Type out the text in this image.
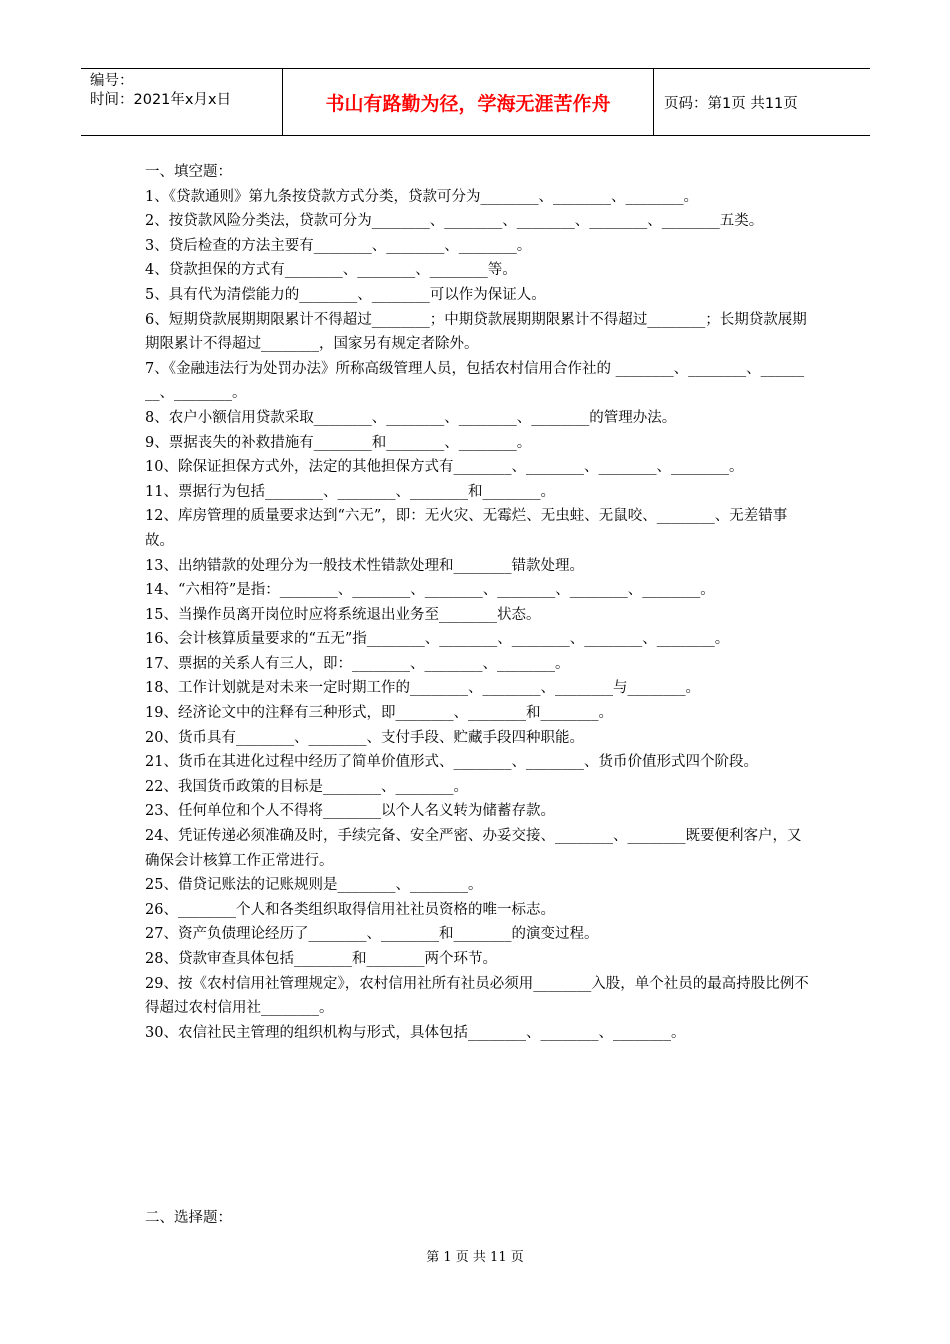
编号：
时间：2021年x月x日	书山有路勤为径，学海无涯苦作舟	页码：第1页 共11页

一、填空题：

1、《贷款通则》第九条按贷款方式分类，贷款可分为________、________、________。

2、按贷款风险分类法，贷款可分为________、________、________、________、________五类。

3、贷后检查的方法主要有________、________、________。

4、贷款担保的方式有________、________、________等。

5、具有代为清偿能力的________、________可以作为保证人。

6、短期贷款展期期限累计不得超过________；中期贷款展期期限累计不得超过________；长期贷款展期期限累计不得超过________，国家另有规定者除外。

7、《金融违法行为处罚办法》所称高级管理人员，包括农村信用合作社的 ________、________、________、________。

8、农户小额信用贷款采取________、________、________、________的管理办法。

9、票据丧失的补救措施有________和________、________。

10、除保证担保方式外，法定的其他担保方式有________、________、________、________。

11、票据行为包括________、________、________和________。

12、库房管理的质量要求达到“六无”，即：无火灾、无霉烂、无虫蛀、无鼠咬、________、无差错事故。

13、出纳错款的处理分为一般技术性错款处理和________错款处理。

14、“六相符”是指：________、________、________、________、________、________。

15、当操作员离开岗位时应将系统退出业务至________状态。

16、会计核算质量要求的“五无”指________、________、________、________、________。

17、票据的关系人有三人，即：________、________、________。

18、工作计划就是对未来一定时期工作的________、________、________与________。

19、经济论文中的注释有三种形式，即________、________和________。

20、货币具有________、________、支付手段、贮藏手段四种职能。

21、货币在其进化过程中经历了简单价值形式、________、________、货币价值形式四个阶段。

22、我国货币政策的目标是________、________。

23、任何单位和个人不得将________以个人名义转为储蓄存款。

24、凭证传递必须准确及时，手续完备、安全严密、办妥交接、________、________既要便利客户，又确保会计核算工作正常进行。

25、借贷记账法的记账规则是________、________。

26、________个人和各类组织取得信用社社员资格的唯一标志。

27、资产负债理论经历了________、________和________的演变过程。

28、贷款审查具体包括________和________两个环节。

29、按《农村信用社管理规定》，农村信用社所有社员必须用________入股，单个社员的最高持股比例不得超过农村信用社________。

30、农信社民主管理的组织机构与形式，具体包括________、________、________。

二、选择题：
第 1 页 共 11 页
